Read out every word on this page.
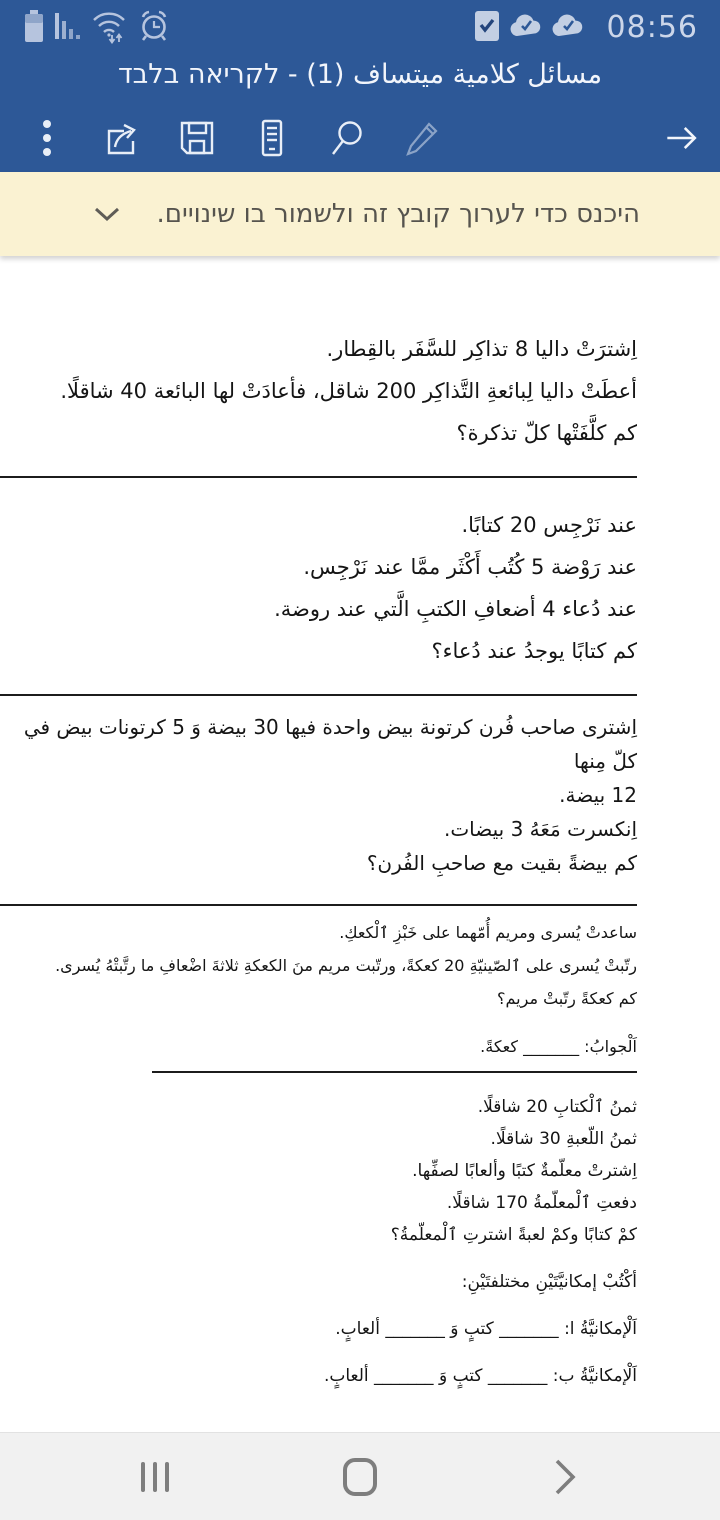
08:56
مسائل كلامية ميتساف (1) - לקריאה בלבד
היכנס כדי לערוך קובץ זה ולשמור בו שינויים.
اِشترَتْ داليا 8 تذاكِر للسَّفَر بالقِطار.
أعطَتْ داليا لِبائعةِ التَّذاكِر 200 شاقل، فأعادَتْ لها البائعة 40 شاقلًا.
كم كلَّفَتْها كلّ تذكرة؟
عند نَرْجِس 20 كتابًا.
عند رَوْضة 5 كُتُب أَكْثَر ممَّا عند نَرْجِس.
عند دُعاء 4 أضعافِ الكتبِ الَّتي عند روضة.
كم كتابًا يوجدُ عند دُعاء؟
اِشترى صاحب فُرن كرتونة بيض واحدة فيها 30 بيضة وَ 5 كرتونات بيض في كلّ مِنها
12 بيضة.
اِنكسرت مَعَهُ 3 بيضات.
كم بيضةً بقيت مع صاحبِ الفُرن؟
ساعدتْ يُسرى ومريم أُمّهما على خَبْزِ ٱلْكعكِ.
رتّبتْ يُسرى على ٱلصّينيّةِ 20 كعكةً، ورتّبت مريم منَ الكعكةِ ثلاثةَ اضْعافِ ما رتَّبتْهُ يُسرى.
كم كعكةً رتّبتْ مريم؟
اَلْجوابُ: _______ كعكةً.
ثمنُ ٱلْكتابِ 20 شاقلًا.
ثمنُ اللّعبةِ 30 شاقلًا.
اِشترتْ معلّمةٌ كتبًا وألعابًا لصفِّها.
دفعتِ ٱلْمعلّمةُ 170 شاقلًا.
كمْ كتابًا وكمْ لعبةً اشترتِ ٱلْمعلّمةُ؟
أكْتُبْ إمكانيَّتَيْنِ مختلفتَيْنِ:
اَلْإمكانيَّةُ ا: _______ كتبٍ وَ _______ ألعابٍ.
اَلْإمكانيَّةُ ب: _______ كتبٍ وَ _______ ألعابٍ.
